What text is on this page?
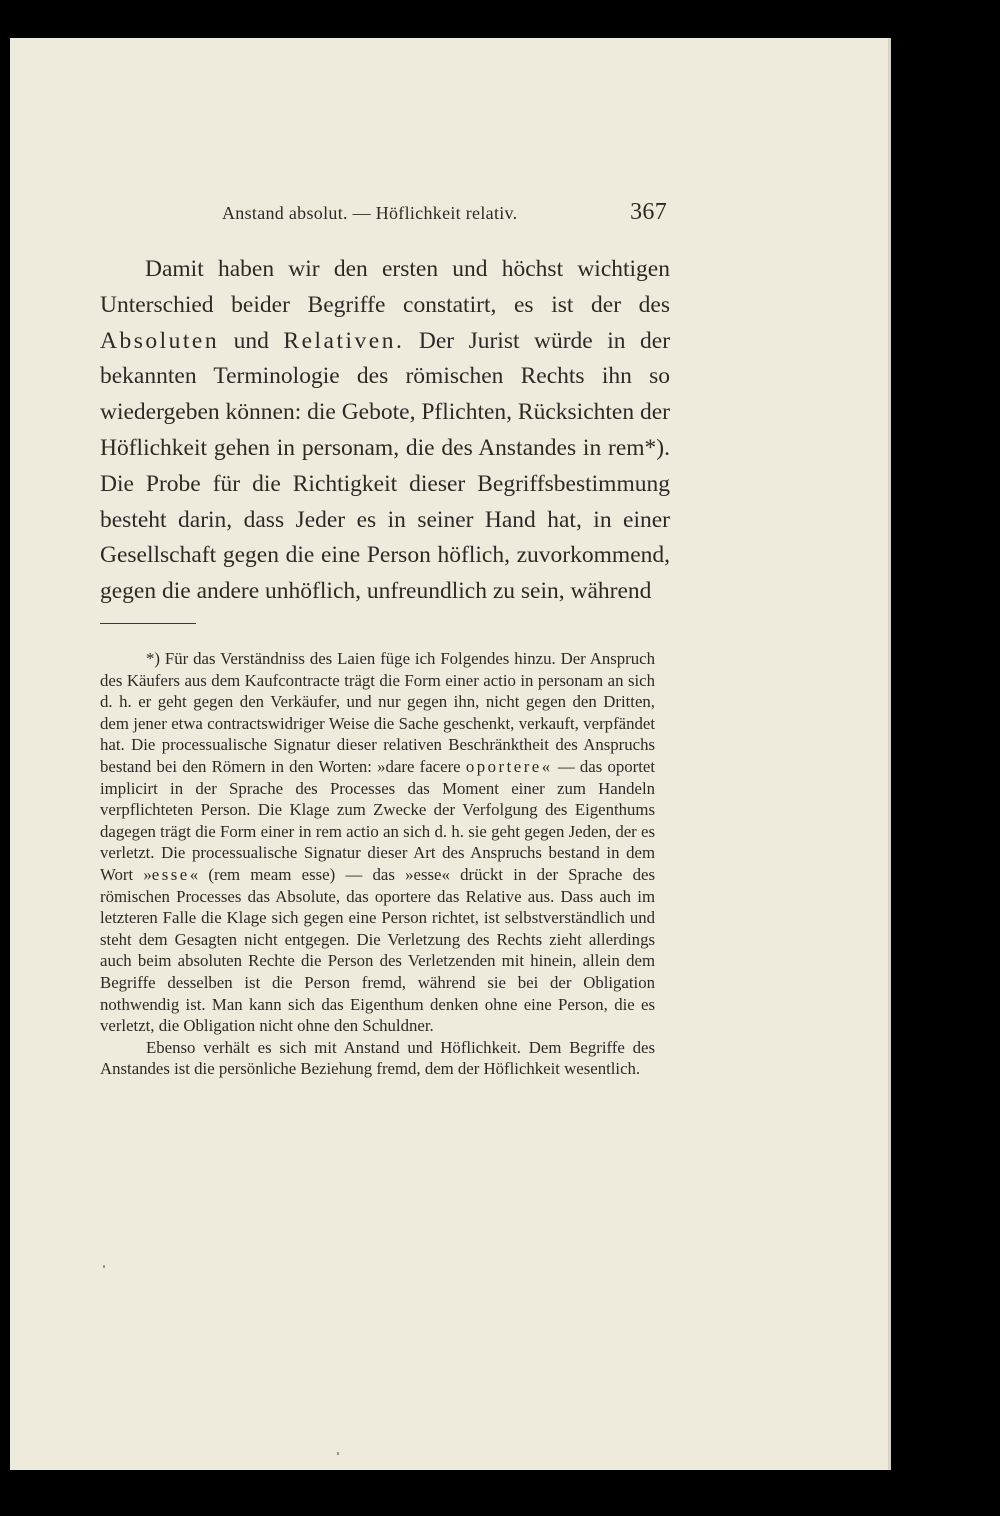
Anstand absolut. — Höflichkeit relativ.	367

Damit haben wir den ersten und höchst wichtigen Unterschied beider Begriffe constatirt, es ist der des Absoluten und Relativen. Der Jurist würde in der bekannten Terminologie des römischen Rechts ihn so wiedergeben können: die Gebote, Pflichten, Rücksichten der Höflichkeit gehen in personam, die des Anstandes in rem*). Die Probe für die Richtigkeit dieser Begriffsbestimmung besteht darin, dass Jeder es in seiner Hand hat, in einer Gesellschaft gegen die eine Person höflich, zuvorkommend, gegen die andere unhöflich, unfreundlich zu sein, während

*) Für das Verständniss des Laien füge ich Folgendes hinzu. Der Anspruch des Käufers aus dem Kaufcontracte trägt die Form einer actio in personam an sich d. h. er geht gegen den Verkäufer, und nur gegen ihn, nicht gegen den Dritten, dem jener etwa contractswidriger Weise die Sache geschenkt, verkauft, verpfändet hat. Die processualische Signatur dieser relativen Beschränktheit des Anspruchs bestand bei den Römern in den Worten: »dare facere oportere« — das oportet implicirt in der Sprache des Processes das Moment einer zum Handeln verpflichteten Person. Die Klage zum Zwecke der Verfolgung des Eigenthums dagegen trägt die Form einer in rem actio an sich d. h. sie geht gegen Jeden, der es verletzt. Die processualische Signatur dieser Art des Anspruchs bestand in dem Wort »esse« (rem meam esse) — das »esse« drückt in der Sprache des römischen Processes das Absolute, das oportere das Relative aus. Dass auch im letzteren Falle die Klage sich gegen eine Person richtet, ist selbstverständlich und steht dem Gesagten nicht entgegen. Die Verletzung des Rechts zieht allerdings auch beim absoluten Rechte die Person des Verletzenden mit hinein, allein dem Begriffe desselben ist die Person fremd, während sie bei der Obligation nothwendig ist. Man kann sich das Eigenthum denken ohne eine Person, die es verletzt, die Obligation nicht ohne den Schuldner.

Ebenso verhält es sich mit Anstand und Höflichkeit. Dem Begriffe des Anstandes ist die persönliche Beziehung fremd, dem der Höflichkeit wesentlich.
